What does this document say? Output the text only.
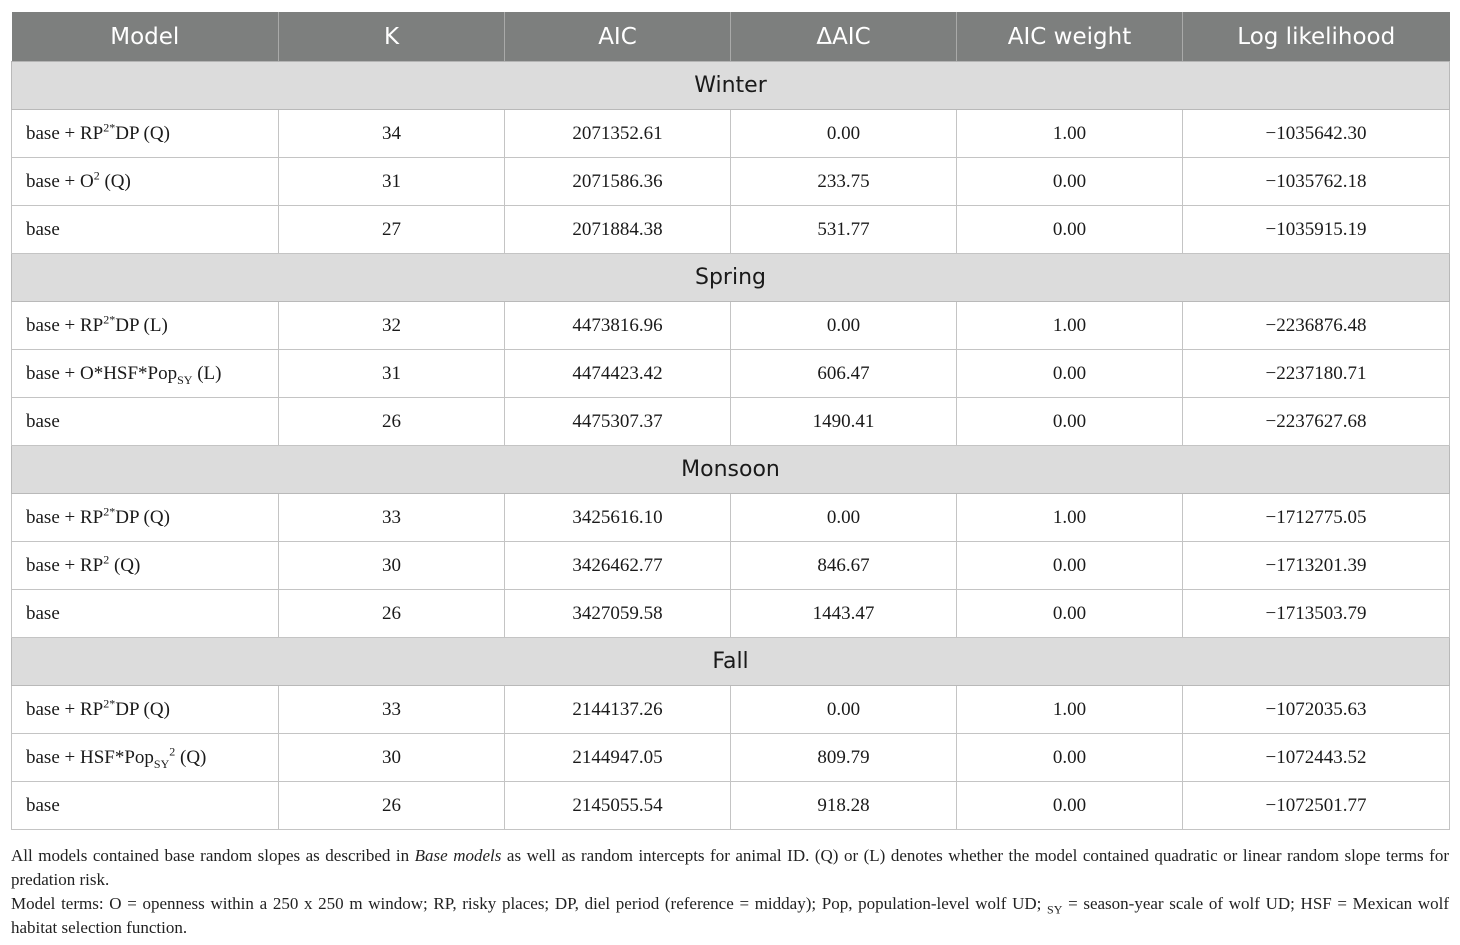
Model	K	AIC	ΔAIC	AIC weight	Log likelihood
Winter					
base + $RP^{2*}DP$ (Q)	34	2071352.61	0.00	1.00	−1035642.30
base + $O^2$ (Q)	31	2071586.36	233.75	0.00	−1035762.18
base	27	2071884.38	531.77	0.00	−1035915.19
Spring					
base + $RP^{2*}DP$ (L)	32	4473816.96	0.00	1.00	−2236876.48
base + O*HSF*Pop$_{SY}$ (L)	31	4474423.42	606.47	0.00	−2237180.71
base	26	4475307.37	1490.41	0.00	−2237627.68
Monsoon					
base + $RP^{2*}DP$ (Q)	33	3425616.10	0.00	1.00	−1712775.05
base + $RP^2$ (Q)	30	3426462.77	846.67	0.00	−1713201.39
base	26	3427059.58	1443.47	0.00	−1713503.79
Fall					
base + $RP^{2*}DP$ (Q)	33	2144137.26	0.00	1.00	−1072035.63
base + HSF*Pop$_{SY}^2$ (Q)	30	2144947.05	809.79	0.00	−1072443.52
base	26	2145055.54	918.28	0.00	−1072501.77

All models contained base random slopes as described in Base models as well as random intercepts for animal ID. (Q) or (L) denotes whether the model contained quadratic or linear random slope terms for predation risk.

Model terms: O = openness within a 250 x 250 m window; RP, risky places; DP, diel period (reference = midday); Pop, population-level wolf UD; $_{SY}$ = season-year scale of wolf UD; HSF = Mexican wolf habitat selection function.
